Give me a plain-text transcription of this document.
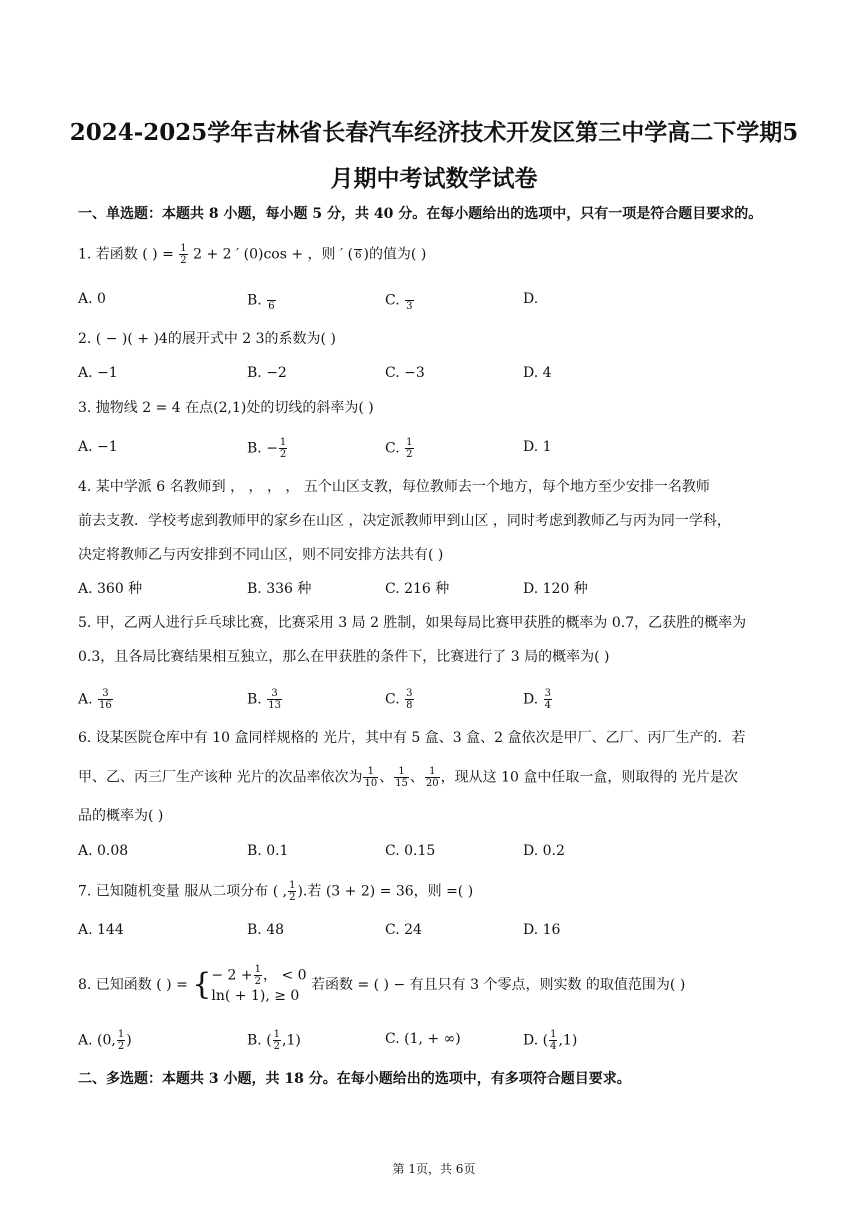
2024-2025学年吉林省长春汽车经济技术开发区第三中学高二下学期5
月期中考试数学试卷
一、单选题：本题共 8 小题，每小题 5 分，共 40 分。在每小题给出的选项中，只有一项是符合题目要求的。
1. 若函数 ( ) = $\frac{1}{2} 2 + 2$ ′ (0)cos + ，则 ′ ( 6 )的值为( )
A. 0	B.
6	C.
3	D.
2. ( − )( + )4的展开式中 2 3的系数为( )
A. −1	B. −2	C. −3	D. 4
3. 抛物线 2 = 4 在点(2,1)处的切线的斜率为( )
A. −1	B. − $\frac{1}{2}$	C. $\frac{1}{2}$	D. 1
4. 某中学派 6 名教师到 ， ， ， ， 五个山区支教，每位教师去一个地方，每个地方至少安排一名教师
前去支教．学校考虑到教师甲的家乡在山区 ，决定派教师甲到山区 ，同时考虑到教师乙与丙为同一学科，
决定将教师乙与丙安排到不同山区，则不同安排方法共有( )
A. 360 种	B. 336 种	C. 216 种	D. 120 种
5. 甲，乙两人进行乒乓球比赛，比赛采用 3 局 2 胜制，如果每局比赛甲获胜的概率为 0.7，乙获胜的概率为
0.3，且各局比赛结果相互独立，那么在甲获胜的条件下，比赛进行了 3 局的概率为( )
A. $\frac{3}{16}$	B. $\frac{3}{13}$	C. $\frac{3}{8}$	D. $\frac{3}{4}$
6. 设某医院仓库中有 10 盒同样规格的 光片，其中有 5 盒、3 盒、2 盒依次是甲厂、乙厂、丙厂生产的．若
甲、乙、丙三厂生产该种 光片的次品率依次为 $\frac{1}{10}$ 、 $\frac{1}{15}$ 、 $\frac{1}{20}$ ，现从这 10 盒中任取一盒，则取得的 光片是次
品的概率为( )
A. 0.08	B. 0.1	C. 0.15	D. 0.2
7. 已知随机变量 服从二项分布 ( , $\frac{1}{2}$ ).若 (3 + 2) = 36，则 =( )
A. 144	B. 48	C. 24	D. 16
8. 已知函数 ( ) = { − $2 + \frac{1}{2}$ ， < 0
ln( + 1), ≥ 0
若函数 = ( ) − 有且只有 3 个零点，则实数 的取值范围为( )
A. (0, $\frac{1}{2}$ )	B. ( $\frac{1}{2} ,1$)	C. (1, + ∞)	D. ( $\frac{1}{4} ,1$)
二、多选题：本题共 3 小题，共 18 分。在每小题给出的选项中，有多项符合题目要求。
第 1页，共 6页
